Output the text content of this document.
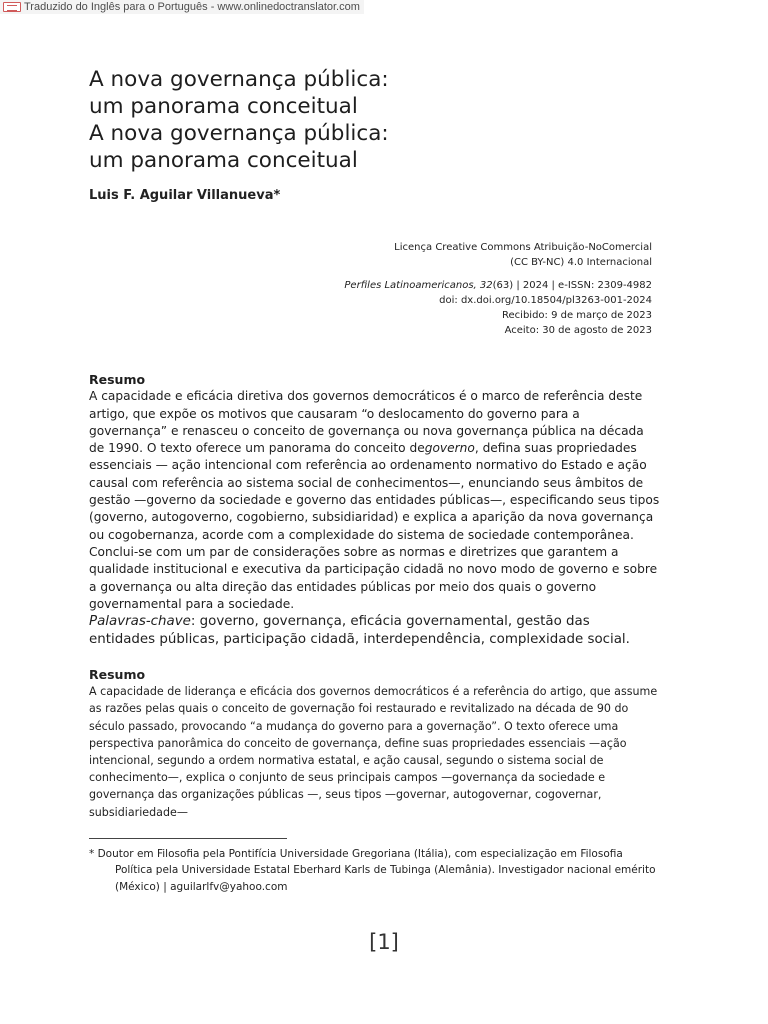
Traduzido do Inglês para o Português - www.onlinedoctranslator.com
A nova governança pública:
um panorama conceitual
A nova governança pública:
um panorama conceitual

Luis F. Aguilar Villanueva*

Licença Creative Commons Atribuição-NoComercial
(CC BY-NC) 4.0 Internacional
Perfiles Latinoamericanos, 32(63) | 2024 | e-ISSN: 2309-4982
doi: dx.doi.org/10.18504/pl3263-001-2024
Recibido: 9 de março de 2023
Aceito: 30 de agosto de 2023
Resumo

A capacidade e eficácia diretiva dos governos democráticos é o marco de referência deste artigo, que expõe os motivos que causaram “o deslocamento do governo para a governança” e renasceu o conceito de governança ou nova governança pública na década de 1990. O texto oferece um panorama do conceito degoverno, defina suas propriedades essenciais — ação intencional com referência ao ordenamento normativo do Estado e ação causal com referência ao sistema social de conhecimentos—, enunciando seus âmbitos de gestão —governo da sociedade e governo das entidades públicas—, especificando seus tipos (governo, autogoverno, cogobierno, subsidiaridad) e explica a aparição da nova governança ou cogobernanza, acorde com a complexidade do sistema de sociedade contemporânea. Conclui-se com um par de considerações sobre as normas e diretrizes que garantem a qualidade institucional e executiva da participação cidadã no novo modo de governo e sobre a governança ou alta direção das entidades públicas por meio dos quais o governo governamental para a sociedade.

Palavras-chave: governo, governança, eficácia governamental, gestão das entidades públicas, participação cidadã, interdependência, complexidade social.

Resumo

A capacidade de liderança e eficácia dos governos democráticos é a referência do artigo, que assume as razões pelas quais o conceito de governação foi restaurado e revitalizado na década de 90 do século passado, provocando “a mudança do governo para a governação”. O texto oferece uma perspectiva panorâmica do conceito de governança, define suas propriedades essenciais —ação intencional, segundo a ordem normativa estatal, e ação causal, segundo o sistema social de conhecimento—, explica o conjunto de seus principais campos —governança da sociedade e governança das organizações públicas —, seus tipos —governar, autogovernar, cogovernar, subsidiariedade—

* Doutor em Filosofia pela Pontifícia Universidade Gregoriana (Itália), com especialização em Filosofia Política pela Universidade Estatal Eberhard Karls de Tubinga (Alemânia). Investigador nacional emérito (México) | aguilarlfv@yahoo.com

[1]
